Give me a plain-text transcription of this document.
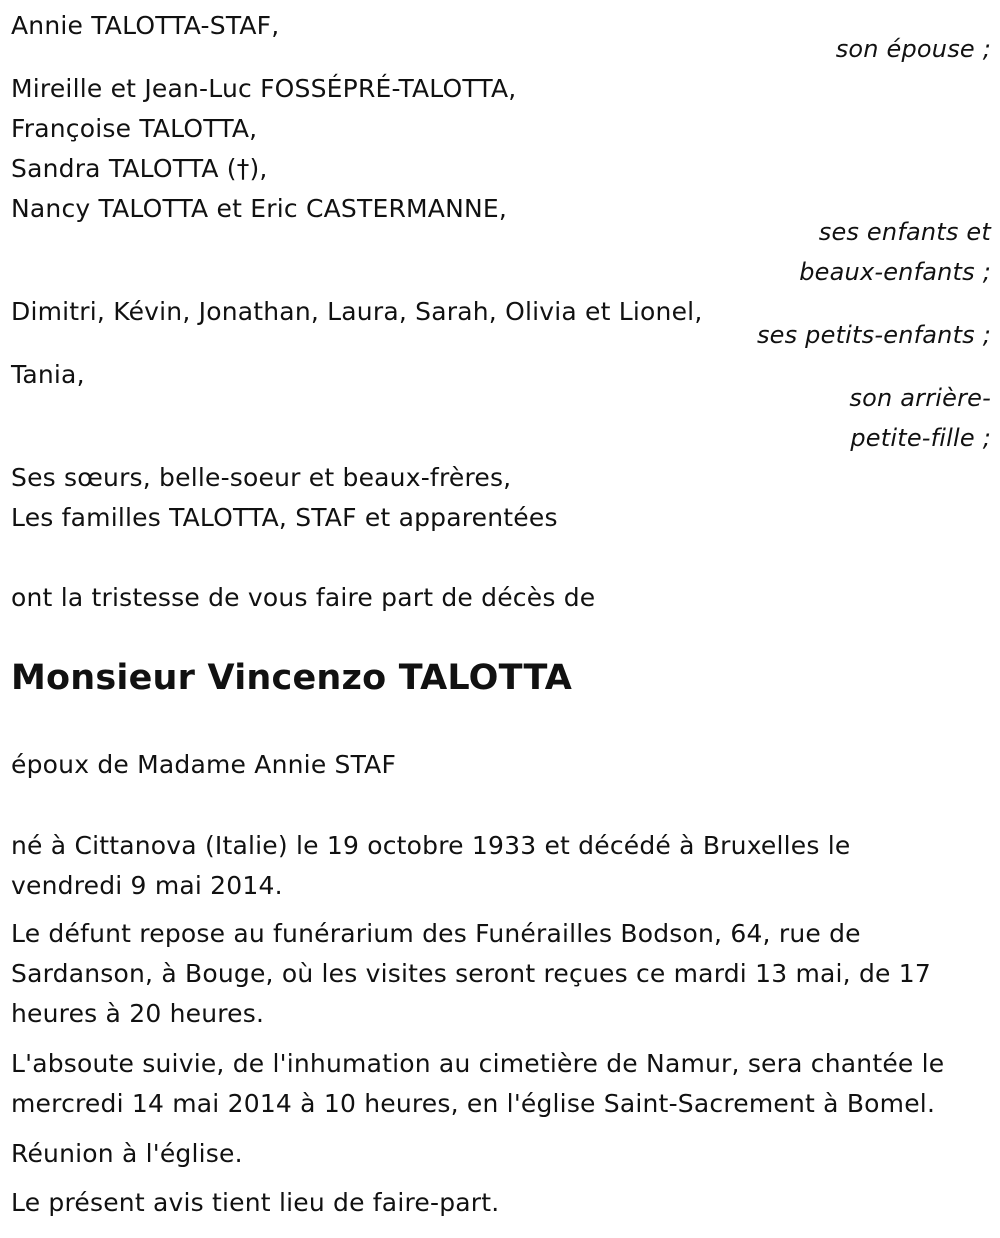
Annie TALOTTA-STAF,
son épouse ;
Mireille et Jean-Luc FOSSÉPRÉ-TALOTTA,
Françoise TALOTTA,
Sandra TALOTTA (†),
Nancy TALOTTA et Eric CASTERMANNE,
ses enfants et
beaux-enfants ;
Dimitri, Kévin, Jonathan, Laura, Sarah, Olivia et Lionel,
ses petits-enfants ;
Tania,
son arrière-
petite-fille ;
Ses sœurs, belle-soeur et beaux-frères,
Les familles TALOTTA, STAF et apparentées
ont la tristesse de vous faire part de décès de
Monsieur Vincenzo TALOTTA
époux de Madame Annie STAF
né à Cittanova (Italie) le 19 octobre 1933 et décédé à Bruxelles le
vendredi 9 mai 2014.
Le défunt repose au funérarium des Funérailles Bodson, 64, rue de
Sardanson, à Bouge, où les visites seront reçues ce mardi 13 mai, de 17
heures à 20 heures.
L'absoute suivie, de l'inhumation au cimetière de Namur, sera chantée le
mercredi 14 mai 2014 à 10 heures, en l'église Saint-Sacrement à Bomel.
Réunion à l'église.
Le présent avis tient lieu de faire-part.
